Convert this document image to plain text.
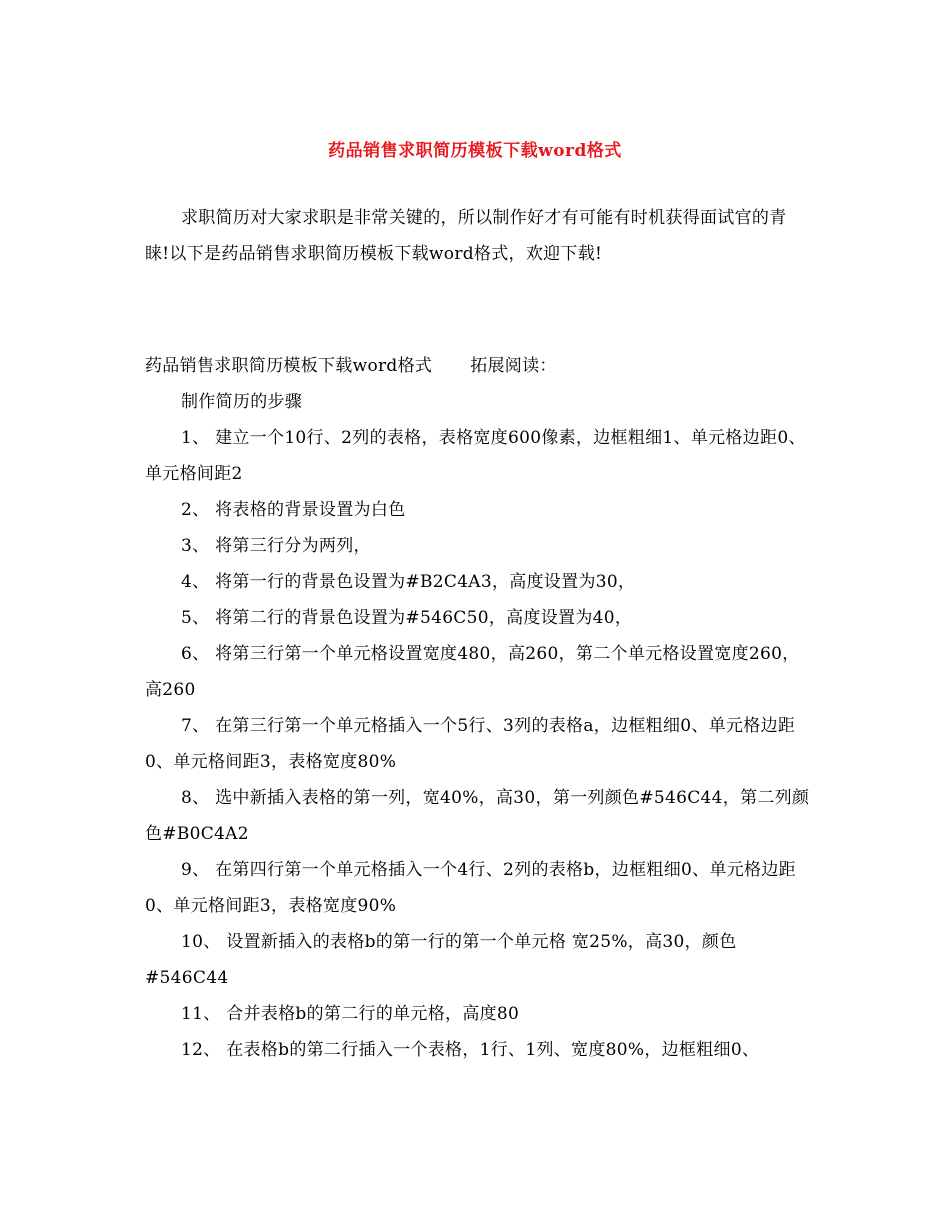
药品销售求职简历模板下载word格式

求职简历对大家求职是非常关键的，所以制作好才有可能有时机获得面试官的青睐!以下是药品销售求职简历模板下载word格式，欢迎下载!

药品销售求职简历模板下载word格式 拓展阅读：
制作简历的步骤

1、 建立一个10行、2列的表格，表格宽度600像素，边框粗细1、单元格边距0、单元格间距2

2、 将表格的背景设置为白色

3、 将第三行分为两列，

4、 将第一行的背景色设置为#B2C4A3，高度设置为30，

5、 将第二行的背景色设置为#546C50，高度设置为40，

6、 将第三行第一个单元格设置宽度480，高260，第二个单元格设置宽度260，高260

7、 在第三行第一个单元格插入一个5行、3列的表格a，边框粗细0、单元格边距0、单元格间距3，表格宽度80%

8、 选中新插入表格的第一列，宽40%，高30，第一列颜色#546C44，第二列颜色#B0C4A2

9、 在第四行第一个单元格插入一个4行、2列的表格b，边框粗细0、单元格边距0、单元格间距3，表格宽度90%

10、 设置新插入的表格b的第一行的第一个单元格 宽25%，高30，颜色#546C44

11、 合并表格b的第二行的单元格，高度80

12、 在表格b的第二行插入一个表格，1行、1列、宽度80%，边框粗细0、
